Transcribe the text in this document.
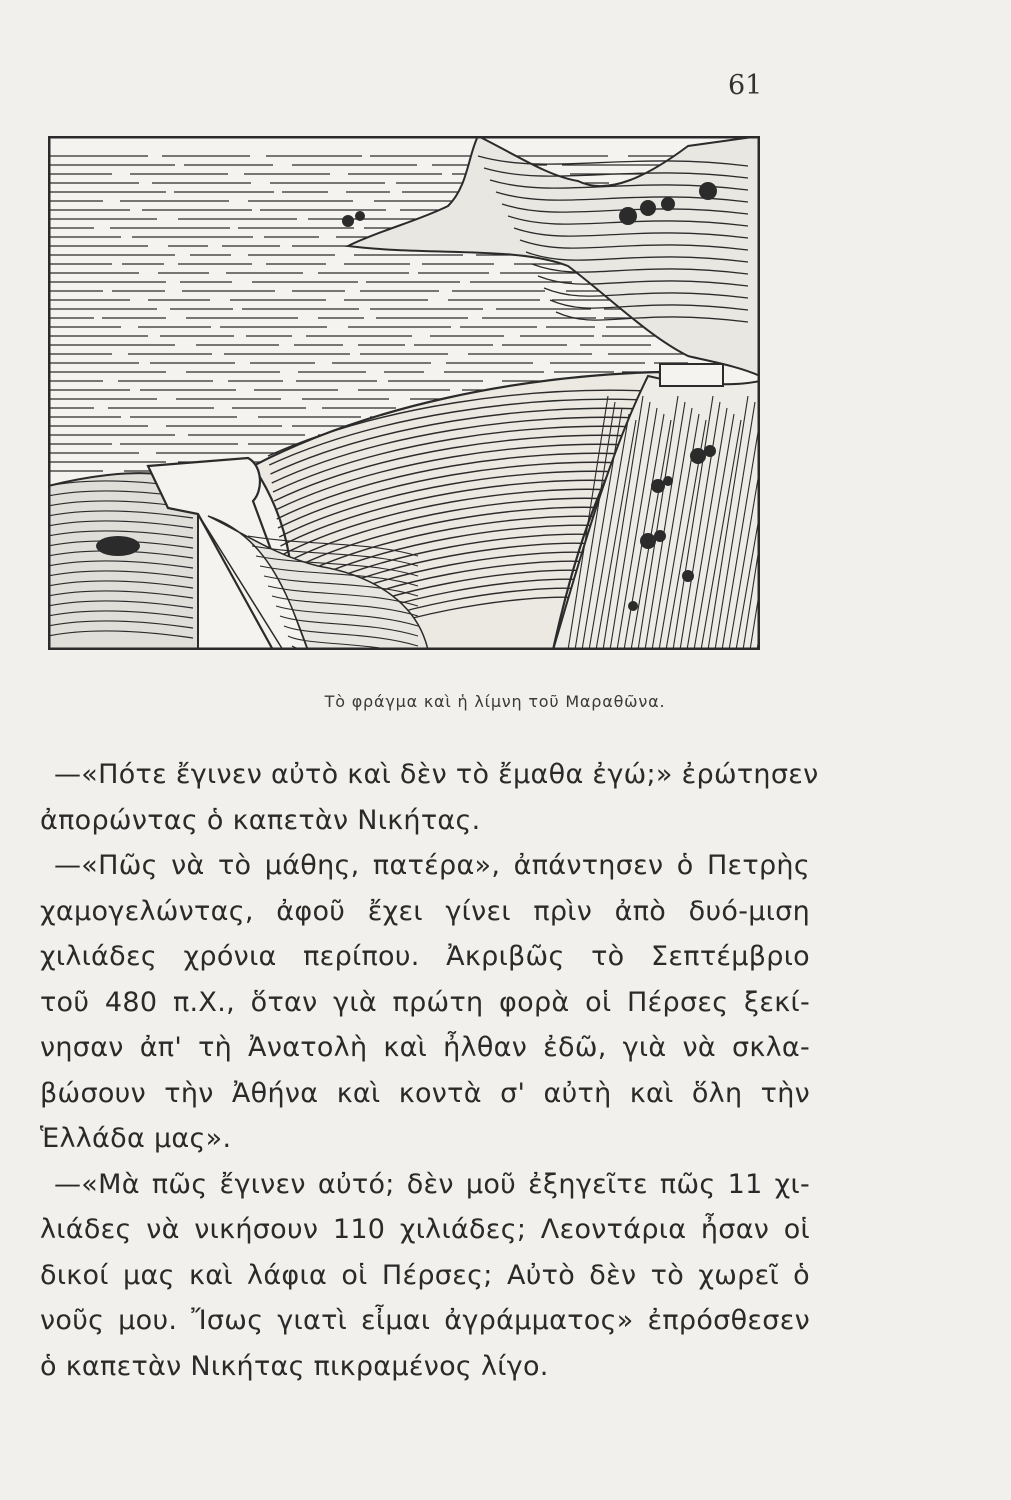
61
Τὸ φράγμα καὶ ἡ λίμνη τοῦ Μαραθῶνα.
—«Πότε ἔγινεν αὐτὸ καὶ δὲν τὸ ἔμαθα ἐγώ;» ἐρώτησεν
ἀπορώντας ὁ καπετὰν Νικήτας.
—«Πῶς νὰ τὸ μάθης, πατέρα», ἀπάντησεν ὁ Πετρὴς
χαμογελώντας, ἀφοῦ ἔχει γίνει πρὶν ἀπὸ δυό-μιση
χιλιάδες χρόνια περίπου. Ἀκριβῶς τὸ Σεπτέμβριο
τοῦ 480 π.Χ., ὅταν γιὰ πρώτη φορὰ οἱ Πέρσες ξεκί-
νησαν ἀπ' τὴ Ἀνατολὴ καὶ ἦλθαν ἐδῶ, γιὰ νὰ σκλα-
βώσουν τὴν Ἀθήνα καὶ κοντὰ σ' αὐτὴ καὶ ὅλη τὴν
Ἑλλάδα μας».
—«Μὰ πῶς ἔγινεν αὐτό; δὲν μοῦ ἐξηγεῖτε πῶς 11 χι-
λιάδες νὰ νικήσουν 110 χιλιάδες; Λεοντάρια ἦσαν οἱ
δικοί μας καὶ λάφια οἱ Πέρσες; Αὐτὸ δὲν τὸ χωρεῖ ὁ
νοῦς μου. Ἴσως γιατὶ εἶμαι ἀγράμματος» ἐπρόσθεσεν
ὁ καπετὰν Νικήτας πικραμένος λίγο.
